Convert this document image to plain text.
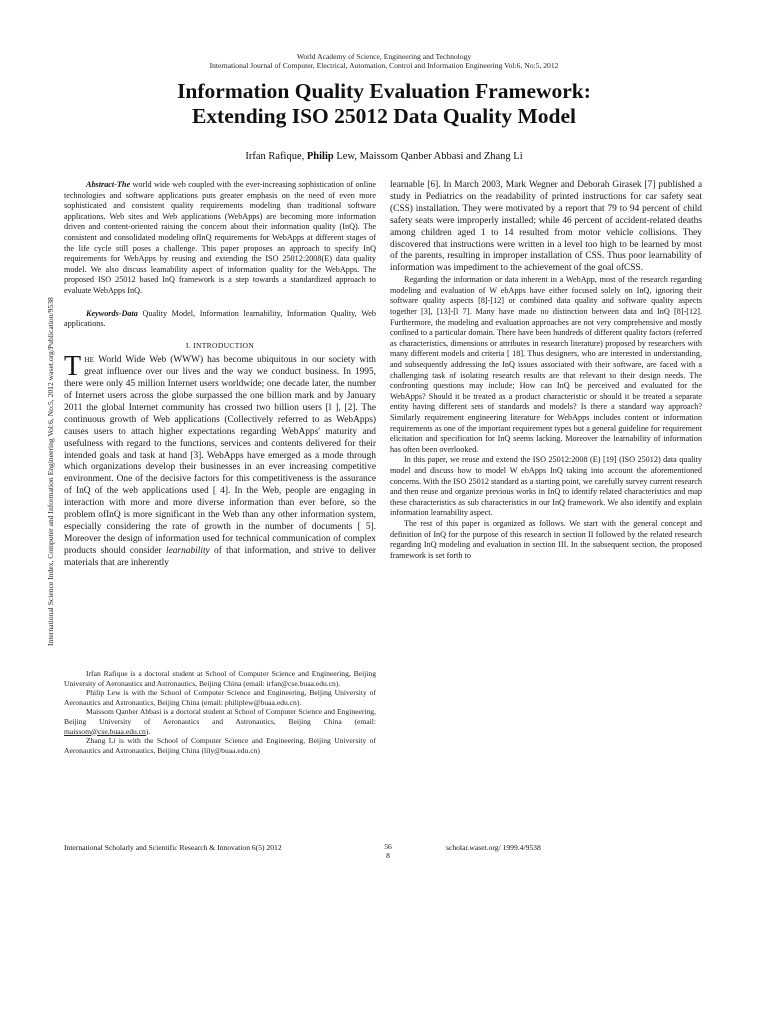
World Academy of Science, Engineering and Technology
International Journal of Computer, Electrical, Automation, Control and Information Engineering Vol:6, No:5, 2012
Information Quality Evaluation Framework:
Extending ISO 25012 Data Quality Model
Irfan Rafique, Philip Lew, Maissom Qanber Abbasi and Zhang Li
International Science Index, Computer and Information Engineering Vol:6, No:5, 2012 waset.org/Publication/9538

Abstract-The world wide web coupled with the ever-increasing sophistication of online technologies and software applications puts greater emphasis on the need of even more sophisticated and consistent quality requirements modeling than traditional software applications. Web sites and Web applications (WebApps) are becoming more information driven and content-oriented raising the concern about their information quality (InQ). The consistent and consolidated modeling ofInQ requirements for WebApps at different stages of the life cycle still poses a challenge. This paper proposes an approach to specify InQ requirements for WebApps by reusing and extending the ISO 25012:2008(E) data quality model. We also discuss leamability aspect of information quality for the WebApps. The proposed ISO 25012 based InQ framework is a step towards a standardized approach to evaluate WebApps InQ.

Keywords-Data Quality Model, Information learnability, Information Quality, Web applications.

I. INTRODUCTION

THE World Wide Web (WWW) has become ubiquitous in our society with great influence over our lives and the way we conduct business. In 1995, there were only 45 million Internet users worldwide; one decade later, the number of Internet users across the globe surpassed the one billion mark and by January 2011 the global Internet community has crossed two billion users [l ], [2]. The continuous growth of Web applications (Collectively referred to as WebApps) causes users to attach higher expectations regarding WebApps' maturity and usefulness with regard to the functions, services and contents delivered for their intended goals and task at hand [3]. WebApps have emerged as a mode through which organizations develop their businesses in an ever increasing competitive environment. One of the decisive factors for this competitiveness is the assurance of InQ of the web applications used [ 4]. In the Web, people are engaging in interaction with more and more diverse information than ever before, so the problem ofInQ is more significant in the Web than any other information system, especially considering the rate of growth in the number of documents [ 5]. Moreover the design of information used for technical communication of complex products should consider learnability of that information, and strive to deliver materials that are inherently

Irfan Rafique is a doctoral student at School of Computer Science and Engineering, Beijing University of Aeronautics and Astronautics, Beijing China (email: irfan@cse.buaa.edu.cn).

Philip Lew is with the School of Computer Science and Engineering, Beijing University of Aeronautics and Astronautics, Beijing China (email: philiplew@buaa.edu.cn).

Maissom Qanber Abbasi is a doctoral student at School of Computer Science and Engineering, Beijing University of Aeronautics and Astronautics, Beijing China (email: maissom@cse.buaa.edu.cn).

Zhang Li is with the School of Computer Science and Engineering, Beijing University of Aeronautics and Astronautics, Beijing China (lily@buaa.edu.cn)

learnable [6]. In March 2003, Mark Wegner and Deborah Girasek [7] published a study in Pediatrics on the readability of printed instructions for car safety seat (CSS) installation. They were motivated by a report that 79 to 94 percent of child safety seats were improperly installed; while 46 percent of accident-related deaths among children aged 1 to 14 resulted from motor vehicle collisions. They discovered that instructions were written in a level too high to be learned by most of the parents, resulting in improper installation of CSS. Thus poor learnability of information was impediment to the achievement of the goal ofCSS.

Regarding the information or data inherent in a WebApp, most of the research regarding modeling and evaluation of W ebApps have either focused solely on InQ, ignoring their software quality aspects [8]-[12] or combined data quality and software quality aspects together [3], [13]-[l 7]. Many have made no distinction between data and InQ [8]-[12]. Furthermore, the modeling and evaluation approaches are not very comprehensive and mostly confined to a particular domain. There have been hundreds of different quality factors (referred as characteristics, dimensions or attributes in research literature) proposed by researchers with many different models and criteria [ 18]. Thus designers, who are interested in understanding, and subsequently addressing the InQ issues associated with their software, are faced with a challenging task of isolating research results are that relevant to their design needs. The confronting questions may include; How can InQ be perceived and evaluated for the WebApps? Should it be treated as a product characteristic or should it be treated a separate entity having different sets of standards and models? Is there a standard way approach? Similarly requirement engineering literature for WebApps includes content or information requirements as one of the important requirement types but a general guideline for requirement elicitation and specification for InQ seems lacking. Moreover the learnability of information has often been overlooked.

In this paper, we reuse and extend the ISO 25012:2008 (E) [19] (ISO 25012) data quality model and discuss how to model W ebApps InQ taking into account the aforementioned concerns. With the ISO 25012 standard as a starting point, we carefully survey current research and then reuse and organize previous works in InQ to identify related characteristics and map these characteristics as sub characteristics in our InQ framework. We also identify and explain information learnability aspect.

The rest of this paper is organized as follows. We start with the general concept and definition of InQ for the purpose of this research in section II followed by the related research regarding InQ modeling and evaluation in section III. In the subsequent section, the proposed framework is set forth to

International Scholarly and Scientific Research & Innovation 6(5) 2012	56
8
scholar.waset.org/ 1999.4/9538
